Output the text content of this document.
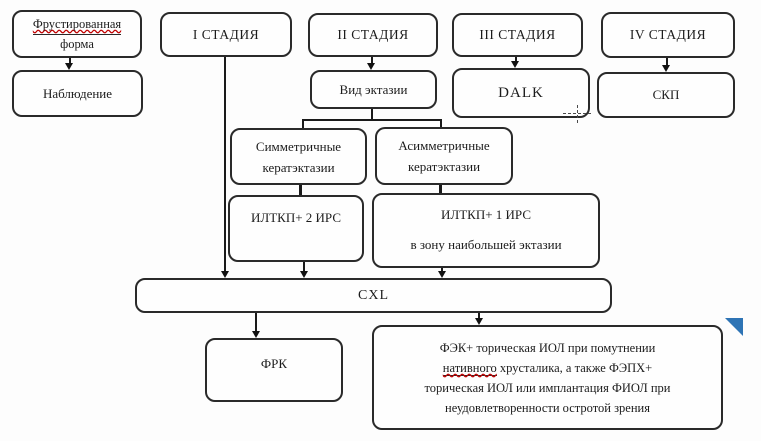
Фрустированная
форма
I СТАДИЯ	II СТАДИЯ	III СТАДИЯ	IV СТАДИЯ
Наблюдение	Вид эктазии	DALK	СКП
Симметричные
кератэктазии
Асимметричные
кератэктазии
ИЛТКП+ 2 ИРС	ИЛТКП+ 1 ИРС
в зону наибольшей эктазии
CXL
ФРК
ФЭК+ торическая ИОЛ при помутнении
нативного хрусталика, а также ФЭПХ+
торическая ИОЛ или имплантация ФИОЛ при
неудовлетворенности остротой зрения
